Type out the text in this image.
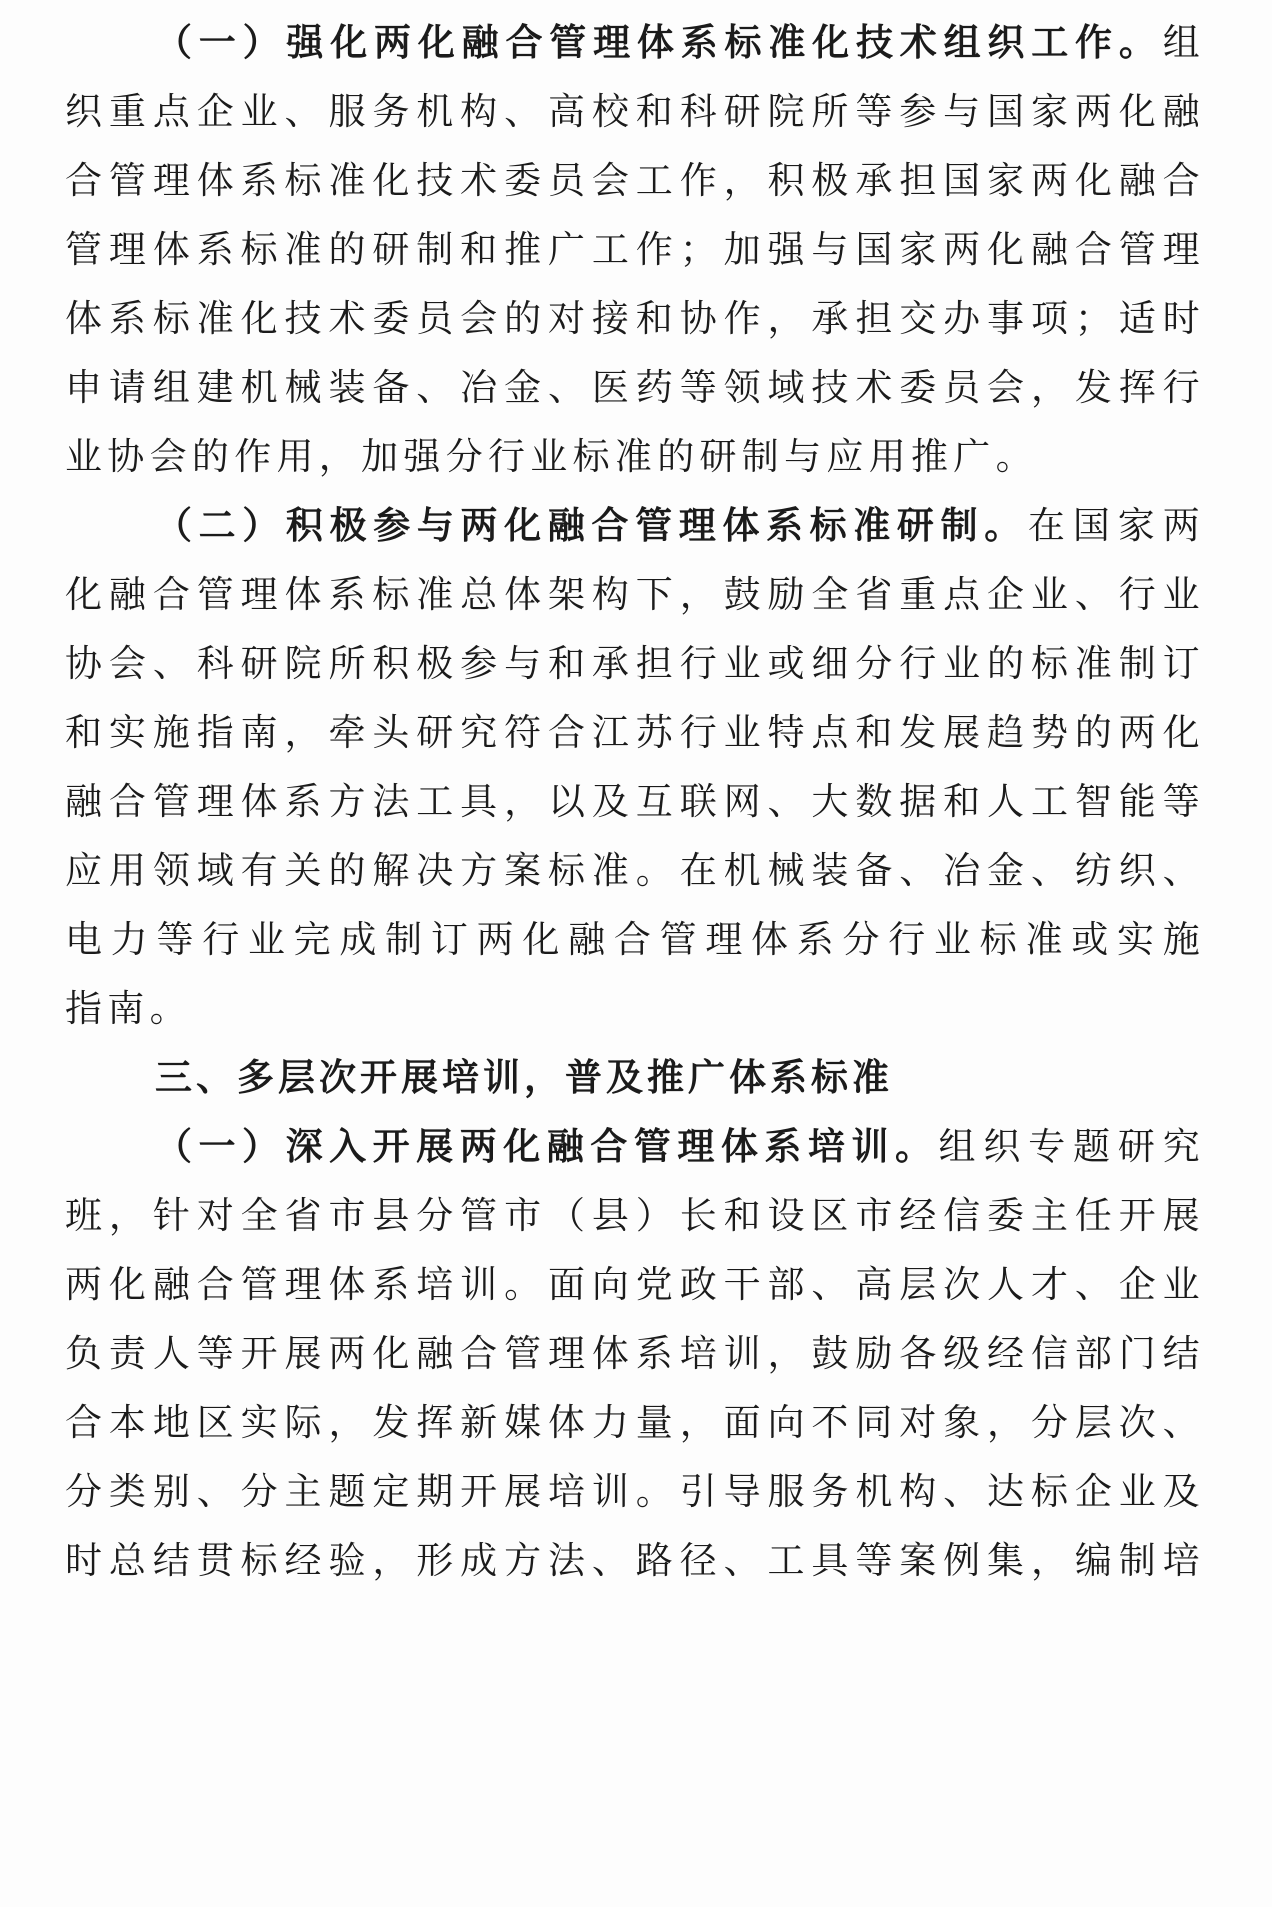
（一）强化两化融合管理体系标准化技术组织工作。组
织重点企业、服务机构、高校和科研院所等参与国家两化融
合管理体系标准化技术委员会工作，积极承担国家两化融合
管理体系标准的研制和推广工作；加强与国家两化融合管理
体系标准化技术委员会的对接和协作，承担交办事项；适时
申请组建机械装备、冶金、医药等领域技术委员会，发挥行
业协会的作用，加强分行业标准的研制与应用推广。
（二）积极参与两化融合管理体系标准研制。在国家两
化融合管理体系标准总体架构下，鼓励全省重点企业、行业
协会、科研院所积极参与和承担行业或细分行业的标准制订
和实施指南，牵头研究符合江苏行业特点和发展趋势的两化
融合管理体系方法工具，以及互联网、大数据和人工智能等
应用领域有关的解决方案标准。在机械装备、冶金、纺织、
电力等行业完成制订两化融合管理体系分行业标准或实施
指南。
三、多层次开展培训，普及推广体系标准
（一）深入开展两化融合管理体系培训。组织专题研究
班，针对全省市县分管市（县）长和设区市经信委主任开展
两化融合管理体系培训。面向党政干部、高层次人才、企业
负责人等开展两化融合管理体系培训，鼓励各级经信部门结
合本地区实际，发挥新媒体力量，面向不同对象，分层次、
分类别、分主题定期开展培训。引导服务机构、达标企业及
时总结贯标经验，形成方法、路径、工具等案例集，编制培
